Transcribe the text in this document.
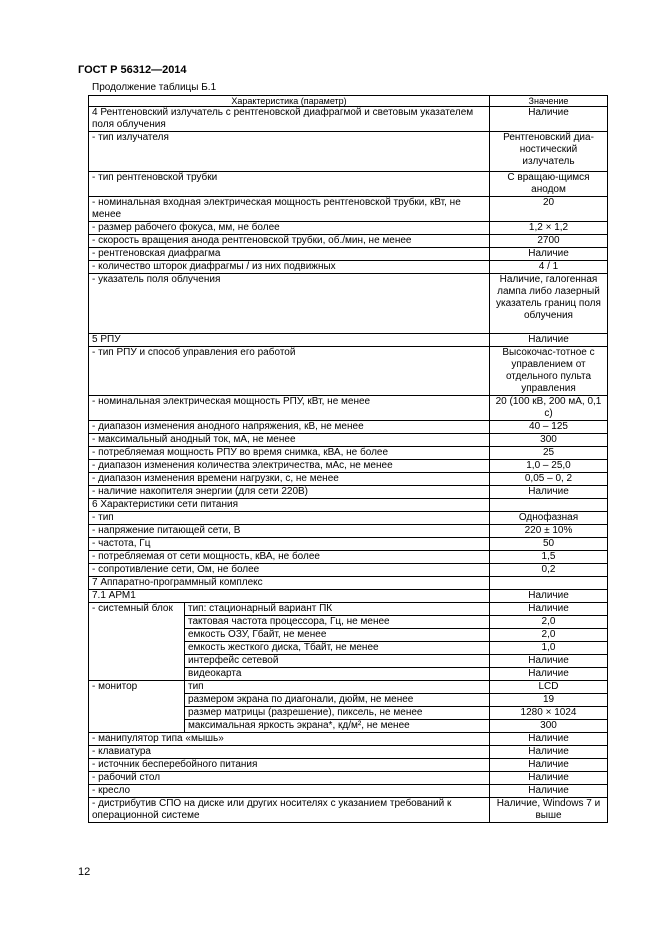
ГОСТ Р 56312—2014
Продолжение таблицы Б.1
Характеристика (параметр)		Значение
4 Рентгеновский излучатель с рентгеновской диафрагмой и световым указателем поля облучения		Наличие
- тип излучателя		Рентгеновский диа-ностический излучатель
- тип рентгеновской трубки		С вращаю-щимся анодом
- номинальная входная электрическая мощность рентгеновской трубки, кВт, не менее		20
- размер рабочего фокуса, мм, не более		1,2 × 1,2
- скорость вращения анода рентгеновской трубки, об./мин, не менее		2700
- рентгеновская диафрагма		Наличие
- количество шторок диафрагмы / из них подвижных		4 / 1
- указатель поля облучения		Наличие, галогенная лампа либо лазерный указатель границ поля облучения
5 РПУ		Наличие
- тип РПУ и способ управления его работой		Высокочас-тотное с управлением от отдельного пульта управления
- номинальная электрическая мощность РПУ, кВт, не менее		20 (100 кВ, 200 мА, 0,1 с)
- диапазон изменения анодного напряжения, кВ, не менее		40 – 125
- максимальный анодный ток, мА, не менее		300
- потребляемая мощность РПУ во время снимка, кВА, не более		25
- диапазон изменения количества электричества, мАс, не менее		1,0 – 25,0
- диапазон изменения времени нагрузки, с, не менее		0,05 – 0, 2
- наличие накопителя энергии (для сети 220В)		Наличие
6 Характеристики сети питания		
- тип		Однофазная
- напряжение питающей сети, В		220 ± 10%
- частота, Гц		50
- потребляемая от сети мощность, кВА, не более		1,5
- сопротивление сети, Ом, не более		0,2
7 Аппаратно-программный комплекс		
7.1 АРМ1		Наличие
- системный блок	тип: стационарный вариант ПК	Наличие
	тактовая частота процессора, Гц, не менее	2,0
	емкость ОЗУ, Гбайт, не менее	2,0
	емкость жесткого диска, Тбайт, не менее	1,0
	интерфейс сетевой	Наличие
	видеокарта	Наличие
- монитор	тип	LCD
	размером экрана по диагонали, дюйм, не менее	19
	размер матрицы (разрешение), пиксель, не менее	1280 × 1024
	максимальная яркость экрана*, кд/м², не менее	300
- манипулятор типа «мышь»		Наличие
- клавиатура		Наличие
- источник бесперебойного питания		Наличие
- рабочий стол		Наличие
- кресло		Наличие
- дистрибутив СПО на диске или других носителях с указанием требований к операционной системе		Наличие, Windows 7 и выше
12
